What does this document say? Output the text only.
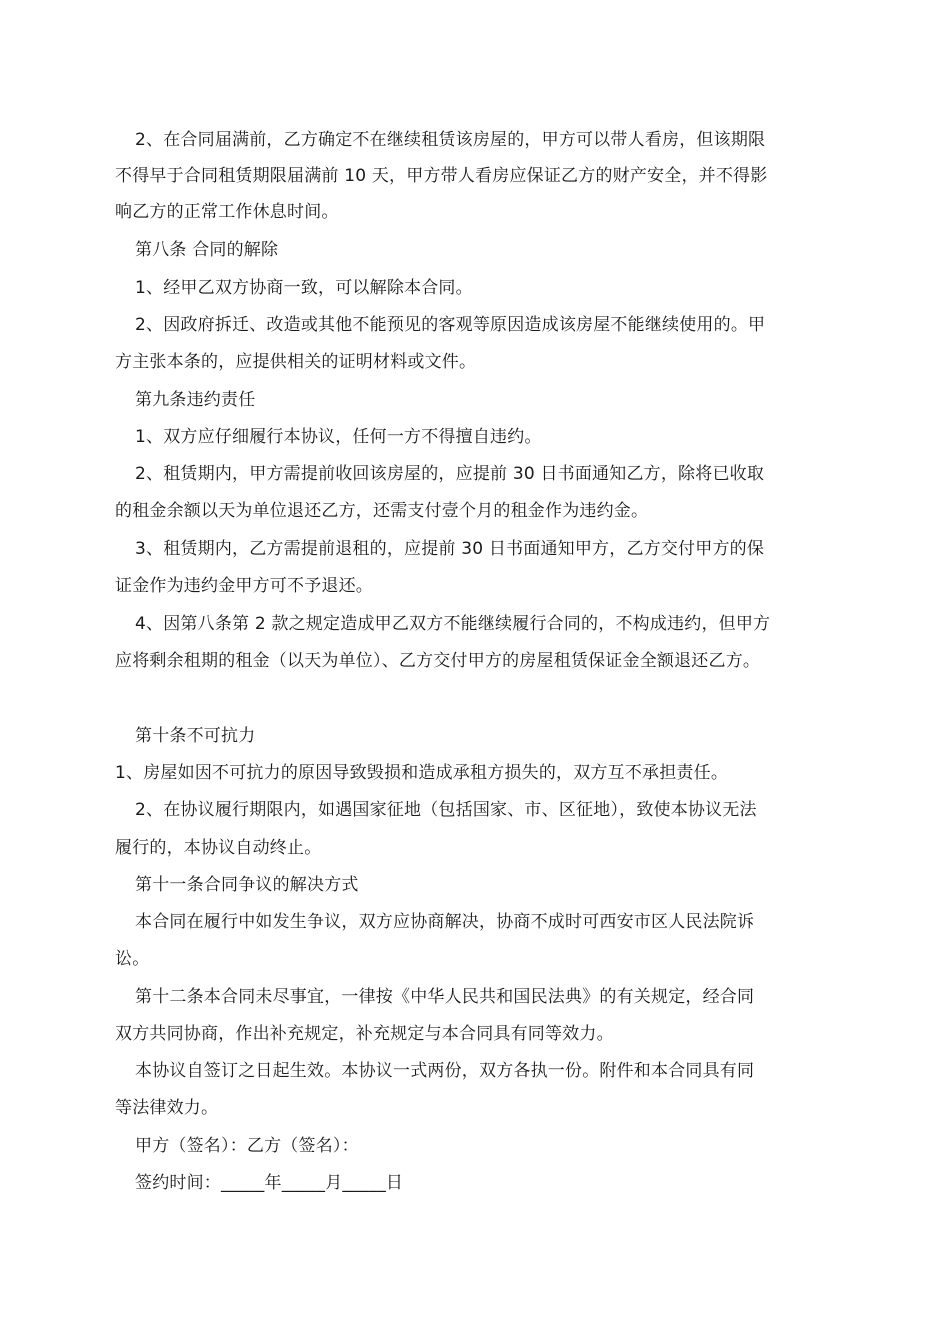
2、在合同届满前，乙方确定不在继续租赁该房屋的，甲方可以带人看房，但该期限
不得早于合同租赁期限届满前 10 天，甲方带人看房应保证乙方的财产安全，并不得影
响乙方的正常工作休息时间。
第八条 合同的解除
1、经甲乙双方协商一致，可以解除本合同。
2、因政府拆迁、改造或其他不能预见的客观等原因造成该房屋不能继续使用的。甲
方主张本条的，应提供相关的证明材料或文件。
第九条违约责任
1、双方应仔细履行本协议，任何一方不得擅自违约。
2、租赁期内，甲方需提前收回该房屋的，应提前 30 日书面通知乙方，除将已收取
的租金余额以天为单位退还乙方，还需支付壹个月的租金作为违约金。
3、租赁期内，乙方需提前退租的，应提前 30 日书面通知甲方，乙方交付甲方的保
证金作为违约金甲方可不予退还。
4、因第八条第 2 款之规定造成甲乙双方不能继续履行合同的，不构成违约，但甲方
应将剩余租期的租金（以天为单位）、乙方交付甲方的房屋租赁保证金全额退还乙方。
第十条不可抗力
1、房屋如因不可抗力的原因导致毁损和造成承租方损失的，双方互不承担责任。
2、在协议履行期限内，如遇国家征地（包括国家、市、区征地），致使本协议无法
履行的，本协议自动终止。
第十一条合同争议的解决方式
本合同在履行中如发生争议，双方应协商解决，协商不成时可西安市区人民法院诉
讼。
第十二条本合同未尽事宜，一律按《中华人民共和国民法典》的有关规定，经合同
双方共同协商，作出补充规定，补充规定与本合同具有同等效力。
本协议自签订之日起生效。本协议一式两份，双方各执一份。附件和本合同具有同
等法律效力。
甲方（签名）：乙方（签名）：
签约时间：_____年_____月_____日
